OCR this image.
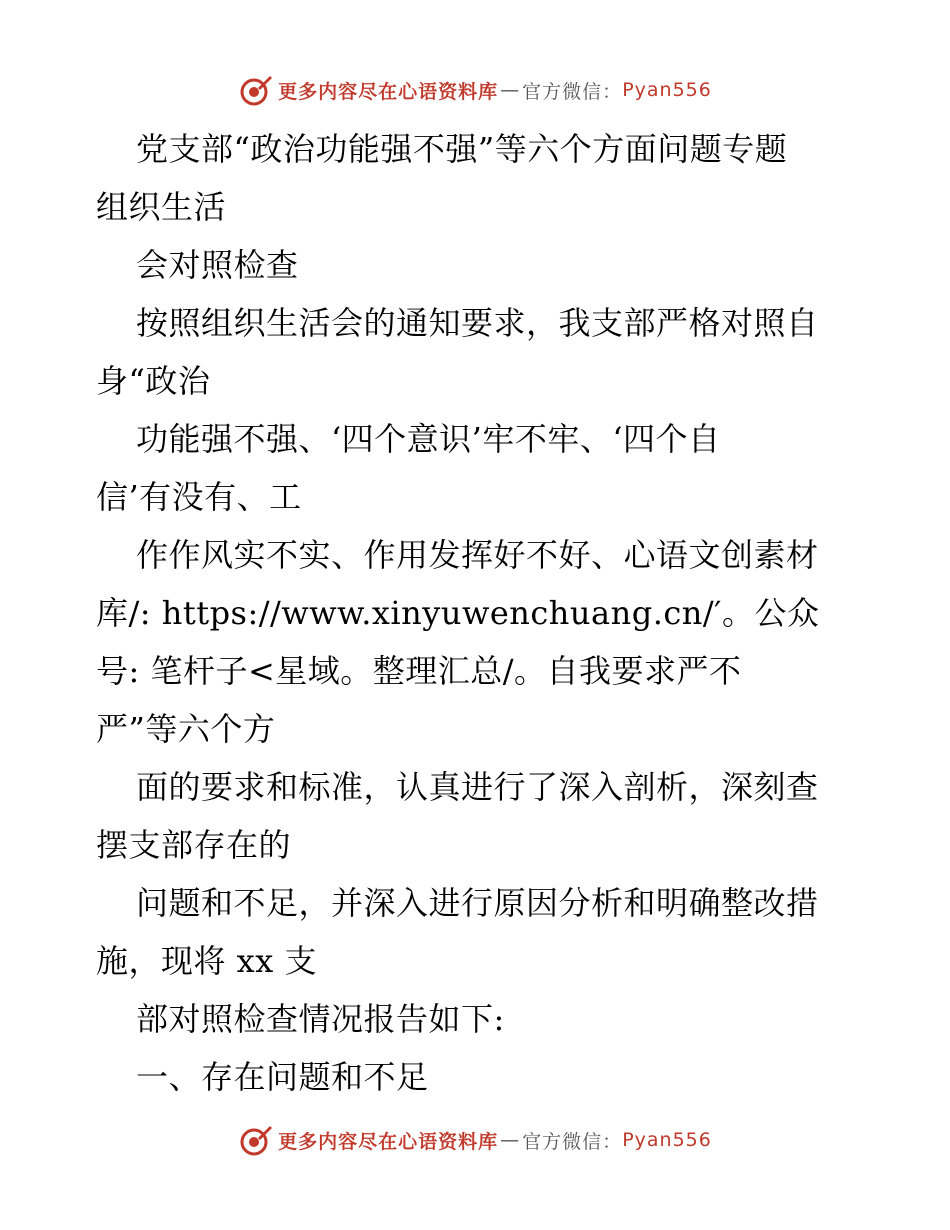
更多内容尽在心语资料库 — 官方微信： Pyan556
党支部“政治功能强不强”等六个方面问题专题
组织生活
会对照检查
按照组织生活会的通知要求，我支部严格对照自
身“政治
功能强不强、‘四个意识’牢不牢、‘四个自
信’有没有、工
作作风实不实、作用发挥好不好、心语文创素材
库/: https://www.xinyuwenchuang.cn/′。公众
号: 笔杆子<星域。整理汇总/。自我要求严不
严”等六个方
面的要求和标准，认真进行了深入剖析，深刻查
摆支部存在的
问题和不足，并深入进行原因分析和明确整改措
施，现将 xx 支
部对照检查情况报告如下:
一、存在问题和不足
更多内容尽在心语资料库 — 官方微信： Pyan556
